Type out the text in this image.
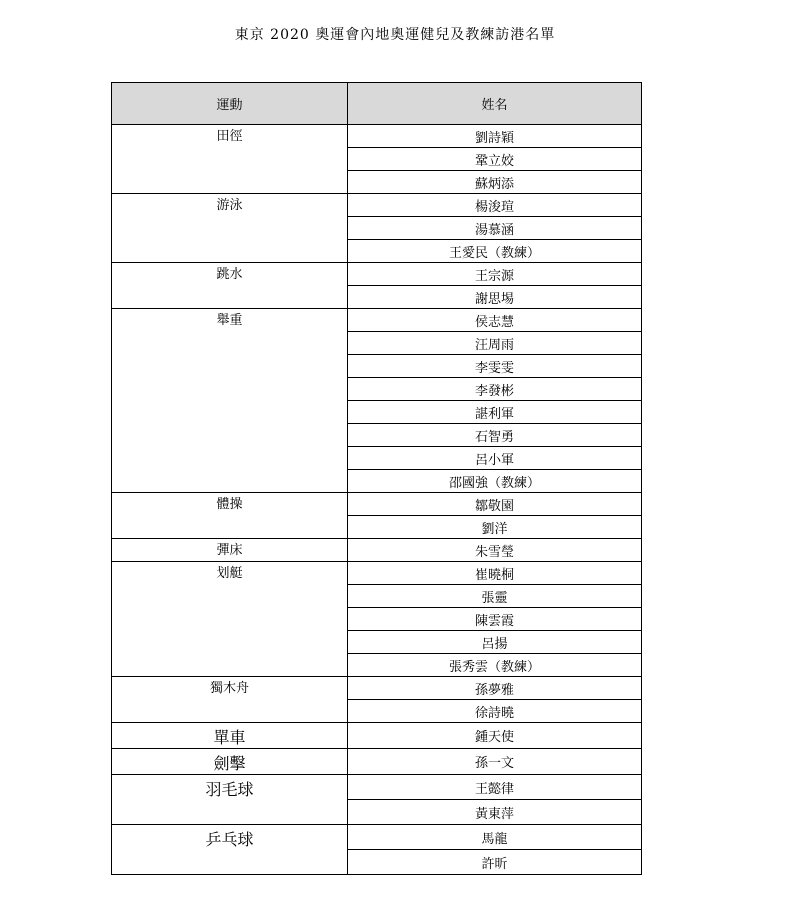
東京 2020 奧運會內地奧運健兒及教練訪港名單
運動	姓名
田徑	劉詩穎
	鞏立姣
	蘇炳添
游泳	楊浚瑄
	湯慕涵
	王愛民（教練）
跳水	王宗源
	謝思埸
舉重	侯志慧
	汪周雨
	李雯雯
	李發彬
	諶利軍
	石智勇
	呂小軍
	邵國強（教練）
體操	鄒敬園
	劉洋
彈床	朱雪瑩
划艇	崔曉桐
	張靈
	陳雲霞
	呂揚
	張秀雲（教練）
獨木舟	孫夢雅
	徐詩曉
單車	鍾天使
劍擊	孫一文
羽毛球	王懿律
	黃東萍
乒乓球	馬龍
	許昕
